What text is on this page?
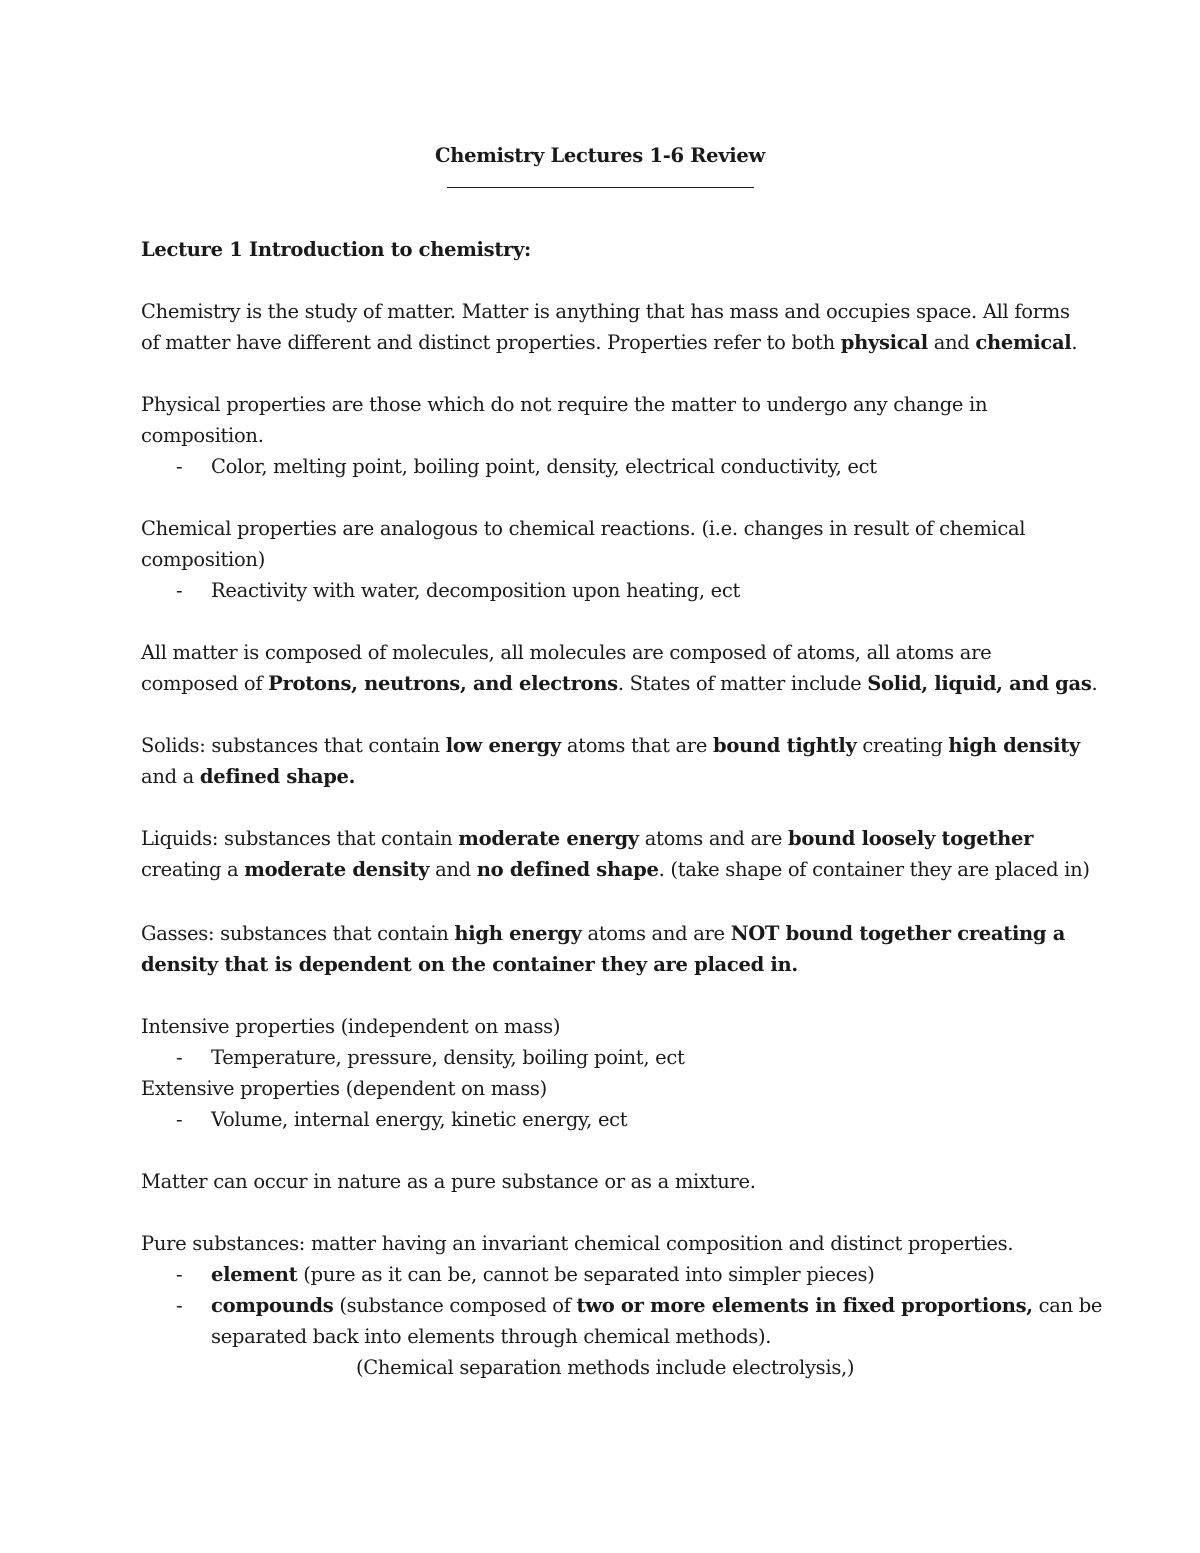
Chemistry Lectures 1-6 Review
Lecture 1 Introduction to chemistry:
Chemistry is the study of matter. Matter is anything that has mass and occupies space. All forms
of matter have different and distinct properties. Properties refer to both physical and chemical.
Physical properties are those which do not require the matter to undergo any change in
composition.
- Color, melting point, boiling point, density, electrical conductivity, ect
Chemical properties are analogous to chemical reactions. (i.e. changes in result of chemical
composition)
- Reactivity with water, decomposition upon heating, ect
All matter is composed of molecules, all molecules are composed of atoms, all atoms are
composed of Protons, neutrons, and electrons. States of matter include Solid, liquid, and gas.
Solids: substances that contain low energy atoms that are bound tightly creating high density
and a defined shape.
Liquids: substances that contain moderate energy atoms and are bound loosely together
creating a moderate density and no defined shape. (take shape of container they are placed in)
Gasses: substances that contain high energy atoms and are NOT bound together creating a
density that is dependent on the container they are placed in.
Intensive properties (independent on mass)
- Temperature, pressure, density, boiling point, ect
Extensive properties (dependent on mass)
- Volume, internal energy, kinetic energy, ect
Matter can occur in nature as a pure substance or as a mixture.
Pure substances: matter having an invariant chemical composition and distinct properties.
- element (pure as it can be, cannot be separated into simpler pieces)
- compounds (substance composed of two or more elements in fixed proportions, can be
separated back into elements through chemical methods).
(Chemical separation methods include electrolysis,)
